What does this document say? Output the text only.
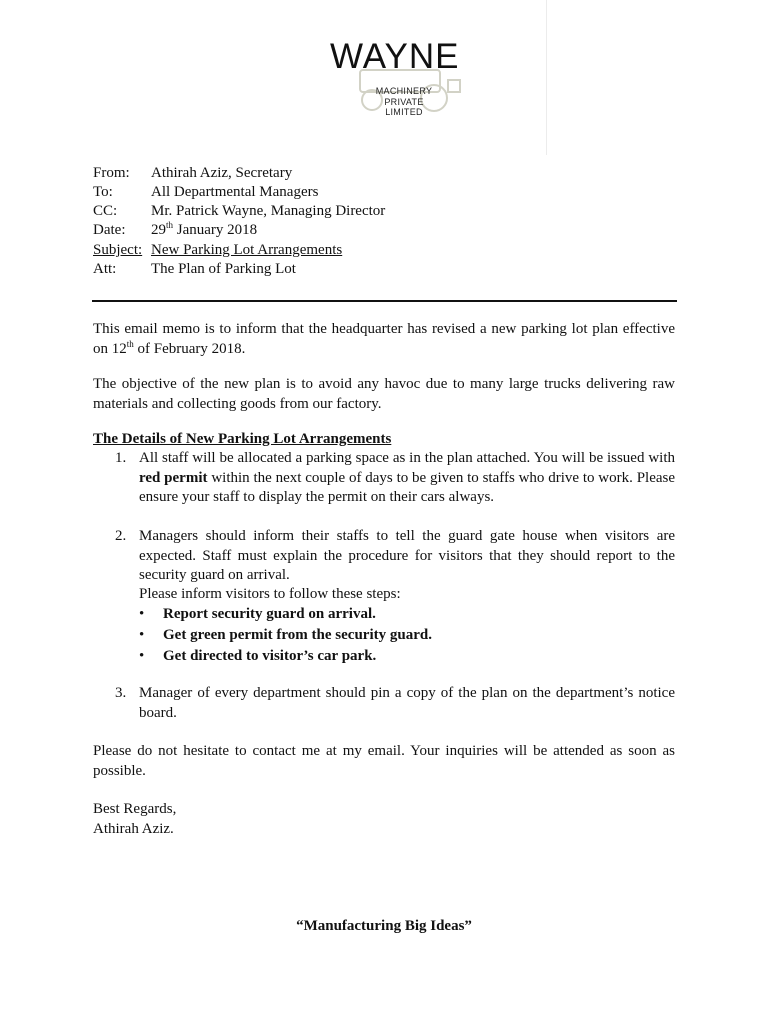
WAYNE
MACHINERY
PRIVATE LIMITED
From: Athirah Aziz, Secretary
To:	All Departmental Managers
CC: Mr. Patrick Wayne, Managing Director
Date: 29th January 2018
Subject: New Parking Lot Arrangements
Att: The Plan of Parking Lot
This email memo is to inform that the headquarter has revised a new parking lot plan effective on 12th of February 2018.
The objective of the new plan is to avoid any havoc due to many large trucks delivering raw materials and collecting goods from our factory.
The Details of New Parking Lot Arrangements
1. All staff will be allocated a parking space as in the plan attached. You will be issued with red permit within the next couple of days to be given to staffs who drive to work. Please ensure your staff to display the permit on their cars always.
2. Managers should inform their staffs to tell the guard gate house when visitors are expected. Staff must explain the procedure for visitors that they should report to the security guard on arrival.
Please inform visitors to follow these steps:
• Report security guard on arrival.
• Get green permit from the security guard.
• Get directed to visitor’s car park.
3. Manager of every department should pin a copy of the plan on the department’s notice board.
Please do not hesitate to contact me at my email. Your inquiries will be attended as soon as possible.
Best Regards,
Athirah Aziz.
“Manufacturing Big Ideas”
